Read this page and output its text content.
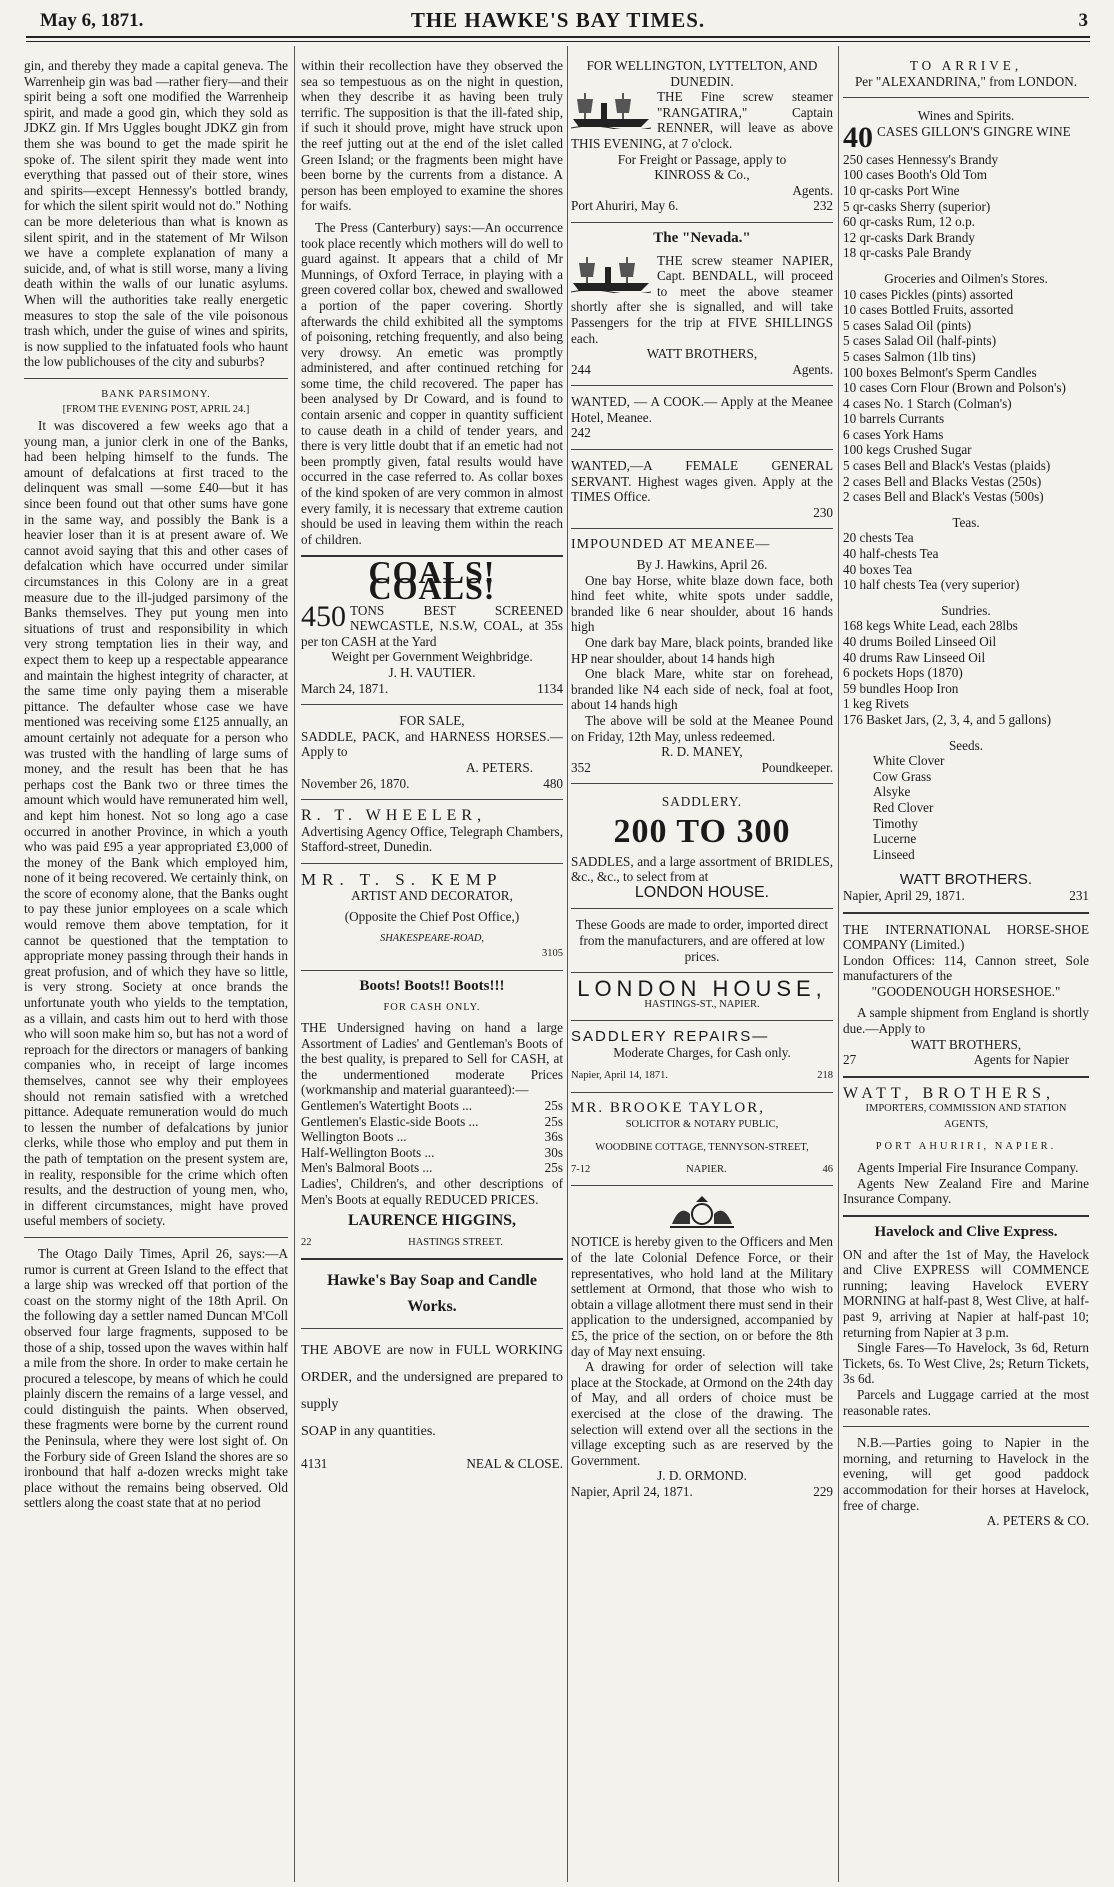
May 6, 1871.	THE HAWKE'S BAY TIMES.	3

gin, and thereby they made a capital geneva. The Warrenheip gin was bad —rather fiery—and their spirit being a soft one modified the Warrenheip spirit, and made a good gin, which they sold as JDKZ gin. If Mrs Uggles bought JDKZ gin from them she was bound to get the made spirit he spoke of. The silent spirit they made went into everything that passed out of their store, wines and spirits—except Hennessy's bottled brandy, for which the silent spirit would not do." Nothing can be more deleterious than what is known as silent spirit, and in the statement of Mr Wilson we have a complete explanation of many a suicide, and, of what is still worse, many a living death within the walls of our lunatic asylums. When will the authorities take really energetic measures to stop the sale of the vile poisonous trash which, under the guise of wines and spirits, is now supplied to the infatuated fools who haunt the low publichouses of the city and suburbs?

BANK PARSIMONY.

[FROM THE EVENING POST, APRIL 24.]

It was discovered a few weeks ago that a young man, a junior clerk in one of the Banks, had been helping himself to the funds. The amount of defalcations at first traced to the delinquent was small —some £40—but it has since been found out that other sums have gone in the same way, and possibly the Bank is a heavier loser than it is at present aware of. We cannot avoid saying that this and other cases of defalcation which have occurred under similar circumstances in this Colony are in a great measure due to the ill-judged parsimony of the Banks themselves. They put young men into situations of trust and responsibility in which very strong temptation lies in their way, and expect them to keep up a respectable appearance and maintain the highest integrity of character, at the same time only paying them a miserable pittance. The defaulter whose case we have mentioned was receiving some £125 annually, an amount certainly not adequate for a person who was trusted with the handling of large sums of money, and the result has been that he has perhaps cost the Bank two or three times the amount which would have remunerated him well, and kept him honest. Not so long ago a case occurred in another Province, in which a youth who was paid £95 a year appropriated £3,000 of the money of the Bank which employed him, none of it being recovered. We certainly think, on the score of economy alone, that the Banks ought to pay these junior employees on a scale which would remove them above temptation, for it cannot be questioned that the temptation to appropriate money passing through their hands in great profusion, and of which they have so little, is very strong. Society at once brands the unfortunate youth who yields to the temptation, as a villain, and casts him out to herd with those who will soon make him so, but has not a word of reproach for the directors or managers of banking companies who, in receipt of large incomes themselves, cannot see why their employees should not remain satisfied with a wretched pittance. Adequate remuneration would do much to lessen the number of defalcations by junior clerks, while those who employ and put them in the path of temptation on the present system are, in reality, responsible for the crime which often results, and the destruction of young men, who, in different circumstances, might have proved useful members of society.

The Otago Daily Times, April 26, says:—A rumor is current at Green Island to the effect that a large ship was wrecked off that portion of the coast on the stormy night of the 18th April. On the following day a settler named Duncan M'Coll observed four large fragments, supposed to be those of a ship, tossed upon the waves within half a mile from the shore. In order to make certain he procured a telescope, by means of which he could plainly discern the remains of a large vessel, and could distinguish the paints. When observed, these fragments were borne by the current round the Peninsula, where they were lost sight of. On the Forbury side of Green Island the shores are so ironbound that half a-dozen wrecks might take place without the remains being observed. Old settlers along the coast state that at no period

within their recollection have they observed the sea so tempestuous as on the night in question, when they describe it as having been truly terrific. The supposition is that the ill-fated ship, if such it should prove, might have struck upon the reef jutting out at the end of the islet called Green Island; or the fragments been might have been borne by the currents from a distance. A person has been employed to examine the shores for waifs.

The Press (Canterbury) says:—An occurrence took place recently which mothers will do well to guard against. It appears that a child of Mr Munnings, of Oxford Terrace, in playing with a green covered collar box, chewed and swallowed a portion of the paper covering. Shortly afterwards the child exhibited all the symptoms of poisoning, retching frequently, and also being very drowsy. An emetic was promptly administered, and after continued retching for some time, the child recovered. The paper has been analysed by Dr Coward, and is found to contain arsenic and copper in quantity sufficient to cause death in a child of tender years, and there is very little doubt that if an emetic had not been promptly given, fatal results would have occurred in the case referred to. As collar boxes of the kind spoken of are very common in almost every family, it is necessary that extreme caution should be used in leaving them within the reach of children.

COALS! COALS!

450 TONS BEST SCREENED NEWCASTLE, N.S.W, COAL, at 35s per ton CASH at the Yard

Weight per Government Weighbridge.

J. H. VAUTIER.

March 24, 1871.	1134

FOR SALE,

SADDLE, PACK, and HARNESS HORSES.—Apply to

A. PETERS.

November 26, 1870.	480

R. T. WHEELER,

Advertising Agency Office, Telegraph Chambers, Stafford-street, Dunedin.

MR. T. S. KEMP

ARTIST AND DECORATOR,

(Opposite the Chief Post Office,)

SHAKESPEARE-ROAD,

3105

Boots! Boots!! Boots!!!

FOR CASH ONLY.

THE Undersigned having on hand a large Assortment of Ladies' and Gentleman's Boots of the best quality, is prepared to Sell for CASH, at the undermentioned moderate Prices (workmanship and material guaranteed):—

Gentlemen's Watertight Boots ...	25s
Gentlemen's Elastic-side Boots ...	25s
Wellington Boots ...	36s
Half-Wellington Boots ...	30s
Men's Balmoral Boots ...	25s

Ladies', Children's, and other descriptions of Men's Boots at equally REDUCED PRICES.

LAURENCE HIGGINS,

22	HASTINGS STREET.

Hawke's Bay Soap and Candle Works.

THE ABOVE are now in FULL WORKING ORDER, and the undersigned are prepared to supply

SOAP in any quantities.

4131	NEAL & CLOSE.

FOR WELLINGTON, LYTTELTON, AND DUNEDIN.

THE Fine screw steamer "RANGATIRA," Captain RENNER, will leave as above THIS EVENING, at 7 o'clock.

For Freight or Passage, apply to

KINROSS & Co.,

Agents.

Port Ahuriri, May 6.	232

The "Nevada."

THE screw steamer NAPIER, Capt. BENDALL, will proceed to meet the above steamer shortly after she is signalled, and will take Passengers for the trip at FIVE SHILLINGS each.

WATT BROTHERS,

244	Agents.

WANTED, — A COOK.— Apply at the Meanee Hotel, Meanee.

242

WANTED,—A FEMALE GENERAL SERVANT. Highest wages given. Apply at the TIMES Office.

230

IMPOUNDED AT MEANEE—

By J. Hawkins, April 26.

One bay Horse, white blaze down face, both hind feet white, white spots under saddle, branded like 6 near shoulder, about 16 hands high

One dark bay Mare, black points, branded like HP near shoulder, about 14 hands high

One black Mare, white star on forehead, branded like N4 each side of neck, foal at foot, about 14 hands high

The above will be sold at the Meanee Pound on Friday, 12th May, unless redeemed.

R. D. MANEY,

352	Poundkeeper.

SADDLERY.

200 TO 300

SADDLES, and a large assortment of BRIDLES, &c., &c., to select from at

LONDON HOUSE.

These Goods are made to order, imported direct from the manufacturers, and are offered at low prices.

LONDON HOUSE,

HASTINGS-ST., NAPIER.

SADDLERY REPAIRS—

Moderate Charges, for Cash only.

Napier, April 14, 1871.	218

MR. BROOKE TAYLOR,

SOLICITOR & NOTARY PUBLIC,

WOODBINE COTTAGE, TENNYSON-STREET,

7-12	NAPIER.	46

NOTICE is hereby given to the Officers and Men of the late Colonial Defence Force, or their representatives, who hold land at the Military settlement at Ormond, that those who wish to obtain a village allotment there must send in their application to the undersigned, accompanied by £5, the price of the section, on or before the 8th day of May next ensuing.

A drawing for order of selection will take place at the Stockade, at Ormond on the 24th day of May, and all orders of choice must be exercised at the close of the drawing. The selection will extend over all the sections in the village excepting such as are reserved by the Government.

J. D. ORMOND.

Napier, April 24, 1871.	229

TO ARRIVE,

Per "ALEXANDRINA," from LONDON.

Wines and Spirits.

40 CASES GILLON'S GINGRE WINE

250 cases Hennessy's Brandy

100 cases Booth's Old Tom

10 qr-casks Port Wine

5 qr-casks Sherry (superior)

60 qr-casks Rum, 12 o.p.

12 qr-casks Dark Brandy

18 qr-casks Pale Brandy

Groceries and Oilmen's Stores.

10 cases Pickles (pints) assorted

10 cases Bottled Fruits, assorted

5 cases Salad Oil (pints)

5 cases Salad Oil (half-pints)

5 cases Salmon (1lb tins)

100 boxes Belmont's Sperm Candles

10 cases Corn Flour (Brown and Polson's)

4 cases No. 1 Starch (Colman's)

10 barrels Currants

6 cases York Hams

100 kegs Crushed Sugar

5 cases Bell and Black's Vestas (plaids)

2 cases Bell and Blacks Vestas (250s)

2 cases Bell and Black's Vestas (500s)

Teas.

20 chests Tea

40 half-chests Tea

40 boxes Tea

10 half chests Tea (very superior)

Sundries.

168 kegs White Lead, each 28lbs

40 drums Boiled Linseed Oil

40 drums Raw Linseed Oil

6 pockets Hops (1870)

59 bundles Hoop Iron

1 keg Rivets

176 Basket Jars, (2, 3, 4, and 5 gallons)

Seeds.

White Clover

Cow Grass

Alsyke

Red Clover

Timothy

Lucerne

Linseed

WATT BROTHERS.

Napier, April 29, 1871.	231

THE INTERNATIONAL HORSE-SHOE COMPANY (Limited.)

London Offices: 114, Cannon street, Sole manufacturers of the

"GOODENOUGH HORSESHOE."

A sample shipment from England is shortly due.—Apply to

WATT BROTHERS,

27	Agents for Napier

WATT, BROTHERS,

IMPORTERS, COMMISSION AND STATION AGENTS,

PORT AHURIRI, NAPIER.

Agents Imperial Fire Insurance Company.

Agents New Zealand Fire and Marine Insurance Company.

Havelock and Clive Express.

ON and after the 1st of May, the Havelock and Clive EXPRESS will COMMENCE running; leaving Havelock EVERY MORNING at half-past 8, West Clive, at half-past 9, arriving at Napier at half-past 10; returning from Napier at 3 p.m.

Single Fares—To Havelock, 3s 6d, Return Tickets, 6s. To West Clive, 2s; Return Tickets, 3s 6d.

Parcels and Luggage carried at the most reasonable rates.

N.B.—Parties going to Napier in the morning, and returning to Havelock in the evening, will get good paddock accommodation for their horses at Havelock, free of charge.

A. PETERS & CO.
